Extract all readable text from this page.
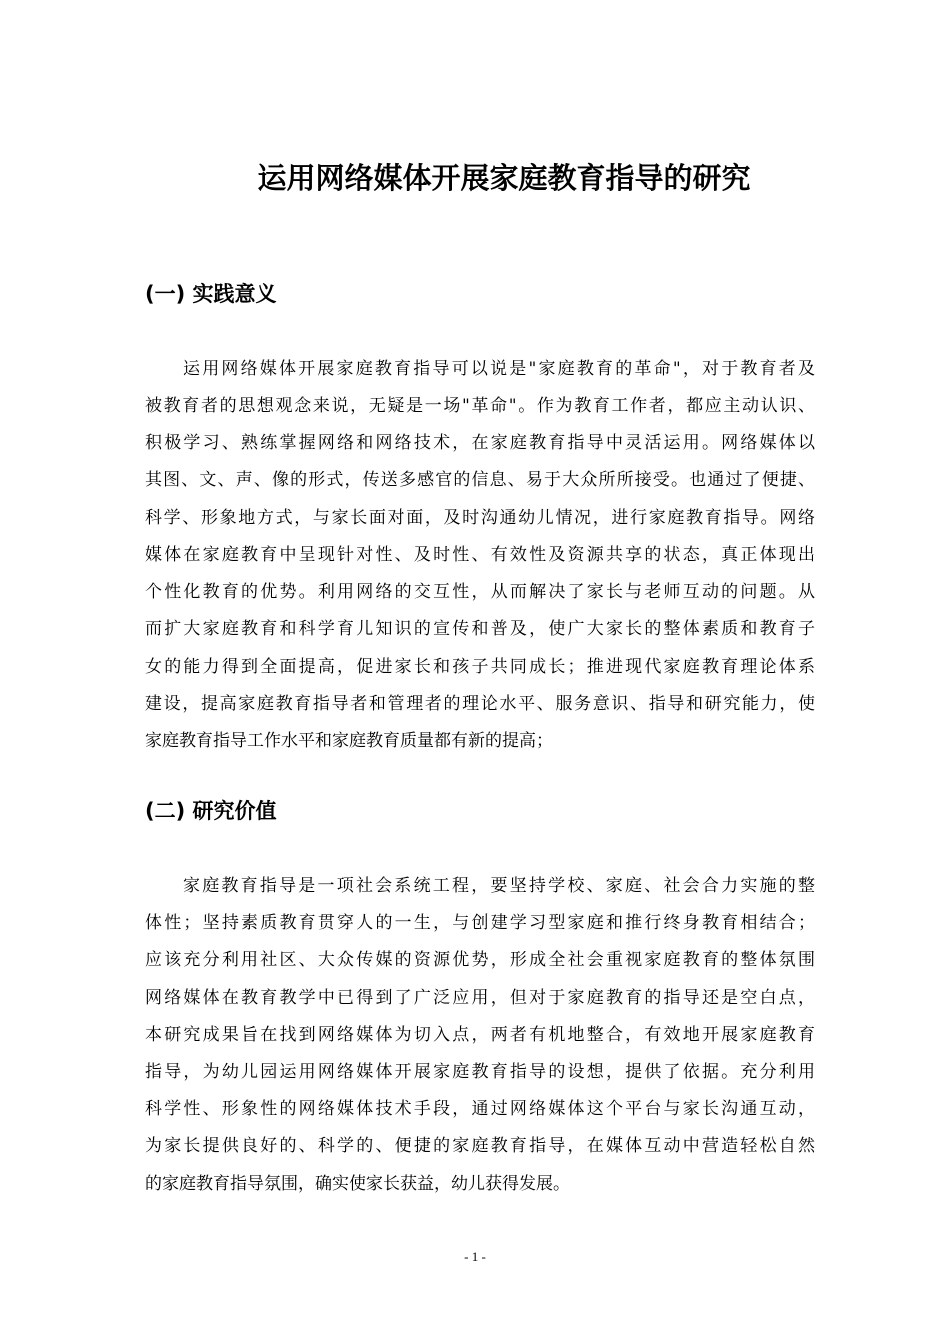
运用网络媒体开展家庭教育指导的研究
(一) 实践意义

运用网络媒体开展家庭教育指导可以说是"家庭教育的革命"，对于教育者及

被教育者的思想观念来说，无疑是一场"革命"。作为教育工作者，都应主动认识、

积极学习、熟练掌握网络和网络技术，在家庭教育指导中灵活运用。网络媒体以

其图、文、声、像的形式，传送多感官的信息、易于大众所所接受。也通过了便捷、

科学、形象地方式，与家长面对面，及时沟通幼儿情况，进行家庭教育指导。网络

媒体在家庭教育中呈现针对性、及时性、有效性及资源共享的状态，真正体现出

个性化教育的优势。利用网络的交互性，从而解决了家长与老师互动的问题。从

而扩大家庭教育和科学育儿知识的宣传和普及，使广大家长的整体素质和教育子

女的能力得到全面提高，促进家长和孩子共同成长；推进现代家庭教育理论体系

建设，提高家庭教育指导者和管理者的理论水平、服务意识、指导和研究能力，使

家庭教育指导工作水平和家庭教育质量都有新的提高；

(二) 研究价值

家庭教育指导是一项社会系统工程，要坚持学校、家庭、社会合力实施的整

体性；坚持素质教育贯穿人的一生，与创建学习型家庭和推行终身教育相结合；

应该充分利用社区、大众传媒的资源优势，形成全社会重视家庭教育的整体氛围

网络媒体在教育教学中已得到了广泛应用，但对于家庭教育的指导还是空白点，

本研究成果旨在找到网络媒体为切入点，两者有机地整合，有效地开展家庭教育

指导，为幼儿园运用网络媒体开展家庭教育指导的设想，提供了依据。充分利用

科学性、形象性的网络媒体技术手段，通过网络媒体这个平台与家长沟通互动，

为家长提供良好的、科学的、便捷的家庭教育指导，在媒体互动中营造轻松自然

的家庭教育指导氛围，确实使家长获益，幼儿获得发展。

- 1 -
